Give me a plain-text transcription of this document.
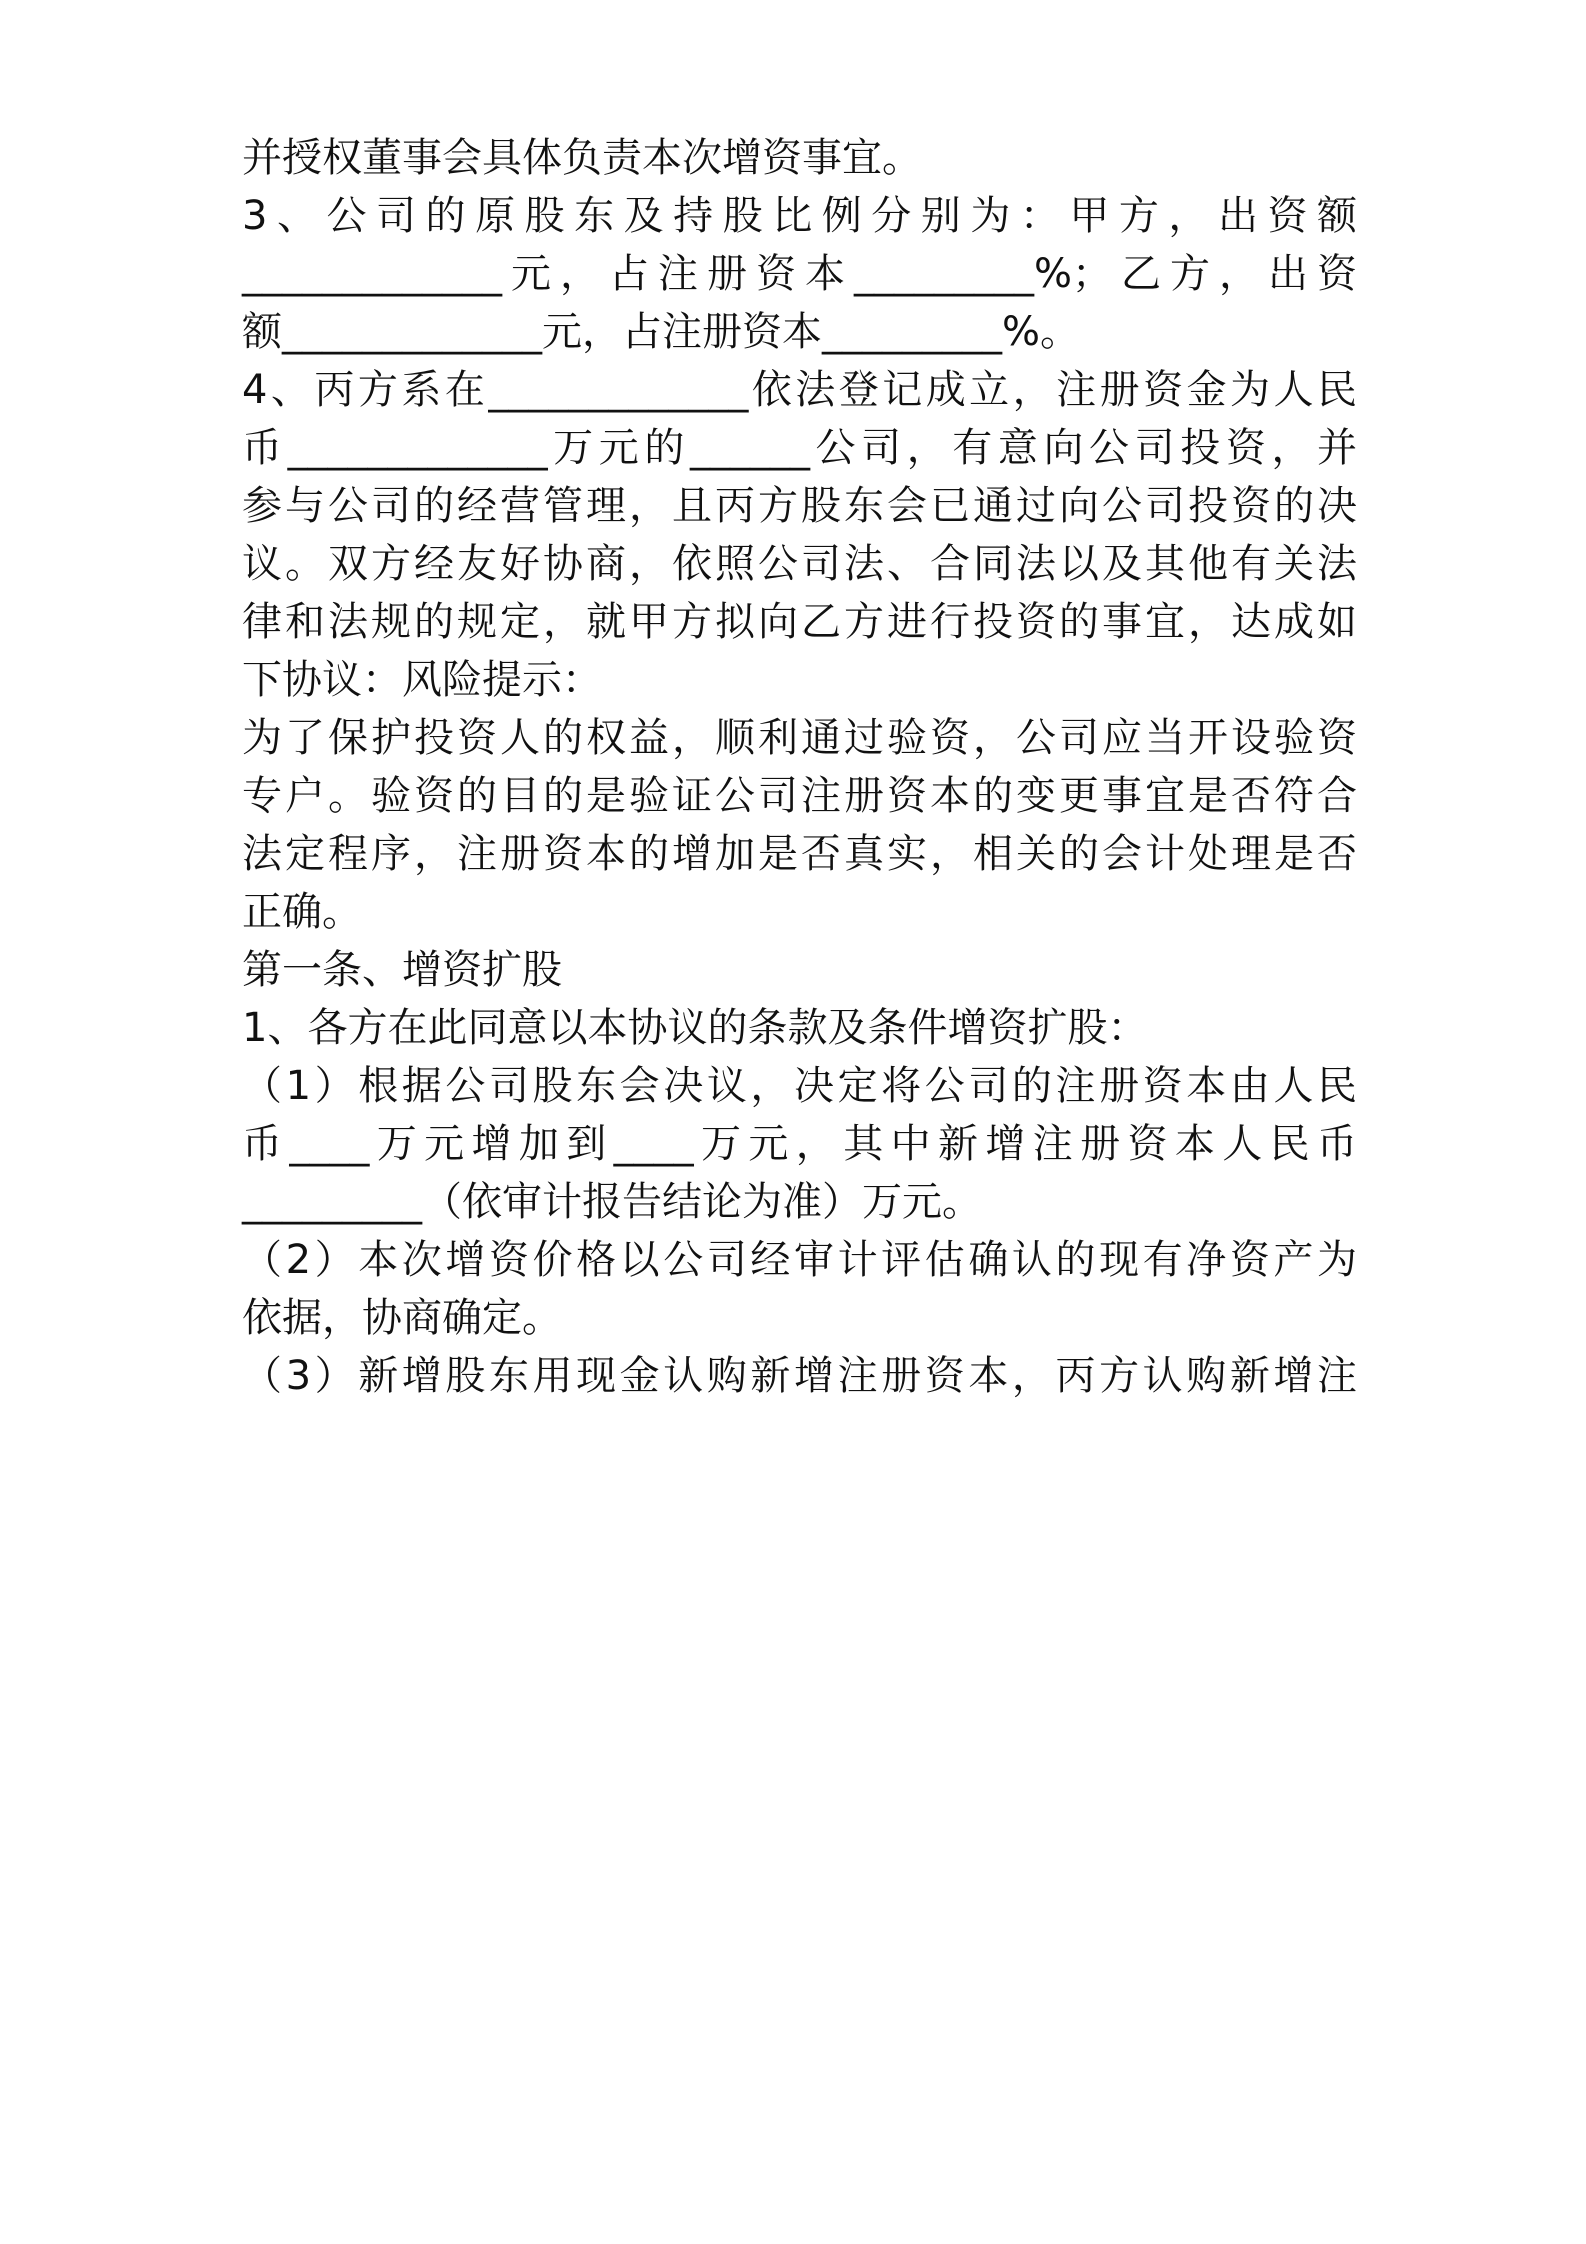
并授权董事会具体负责本次增资事宜。

3、公司的原股东及持股比例分别为：甲方，出资额

_____________元，占注册资本_________%；乙方，出资

额_____________元，占注册资本_________%。

4、丙方系在_____________依法登记成立，注册资金为人民

币_____________万元的______公司，有意向公司投资，并

参与公司的经营管理，且丙方股东会已通过向公司投资的决

议。双方经友好协商，依照公司法、合同法以及其他有关法

律和法规的规定，就甲方拟向乙方进行投资的事宜，达成如

下协议：风险提示：

为了保护投资人的权益，顺利通过验资，公司应当开设验资

专户。验资的目的是验证公司注册资本的变更事宜是否符合

法定程序，注册资本的增加是否真实，相关的会计处理是否

正确。

第一条、增资扩股

1、各方在此同意以本协议的条款及条件增资扩股：

（1）根据公司股东会决议，决定将公司的注册资本由人民

币____万元增加到____万元，其中新增注册资本人民币

_________（依审计报告结论为准）万元。

（2）本次增资价格以公司经审计评估确认的现有净资产为

依据，协商确定。

（3）新增股东用现金认购新增注册资本，丙方认购新增注
